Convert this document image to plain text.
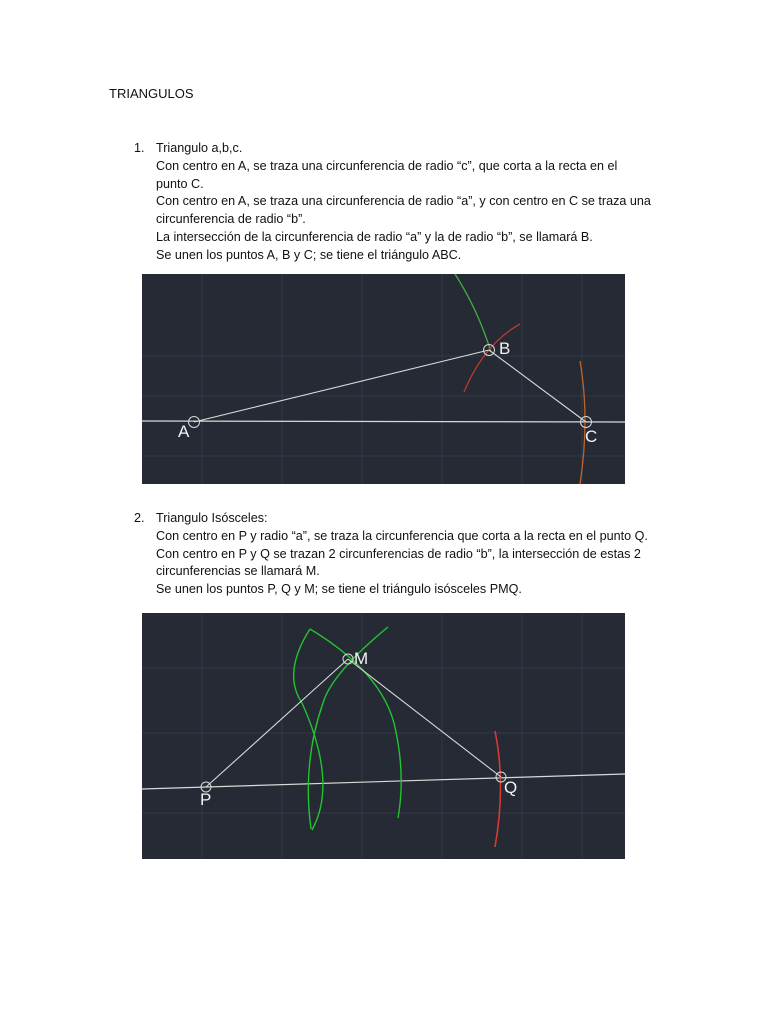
TRIANGULOS
1. Triangulo a,b,c.
Con centro en A, se traza una circunferencia de radio “c”, que corta a la recta en el
punto C.
Con centro en A, se traza una circunferencia de radio “a”, y con centro en C se traza una
circunferencia de radio “b”.
La intersección de la circunferencia de radio “a” y la de radio “b”, se llamará B.
Se unen los puntos A, B y C; se tiene el triángulo ABC.
A
B
C
2. Triangulo Isósceles:
Con centro en P y radio “a”, se traza la circunferencia que corta a la recta en el punto Q.
Con centro en P y Q se trazan 2 circunferencias de radio “b”, la intersección de estas 2
circunferencias se llamará M.
Se unen los puntos P, Q y M; se tiene el triángulo isósceles PMQ.
P
M
Q
